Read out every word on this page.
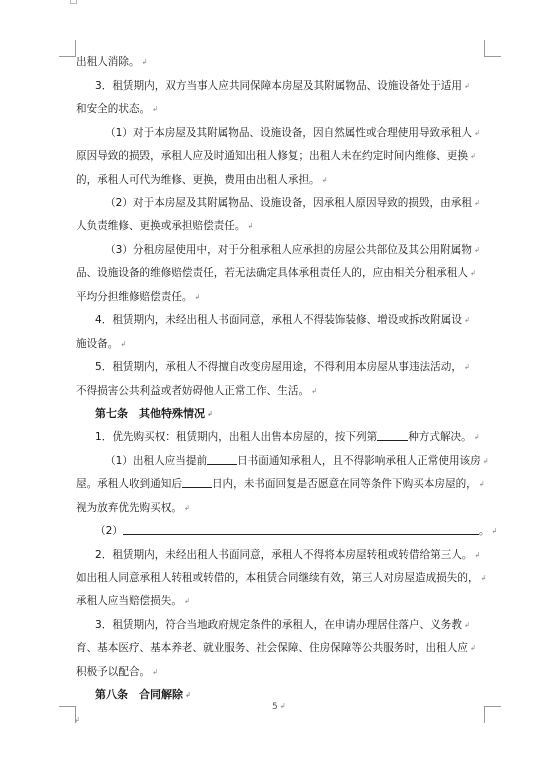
出租人消除。 ↲
3．租赁期内，双方当事人应共同保障本房屋及其附属物品、设施设备处于适用 ↲
和安全的状态。 ↲
（1）对于本房屋及其附属物品、设施设备，因自然属性或合理使用导致承租人 ↲
原因导致的损毁，承租人应及时通知出租人修复；出租人未在约定时间内维修、更换 ↲
的，承租人可代为维修、更换，费用由出租人承担。 ↲
（2）对于本房屋及其附属物品、设施设备，因承租人原因导致的损毁，由承租 ↲
人负责维修、更换或承担赔偿责任。 ↲
（3）分租房屋使用中，对于分租承租人应承担的房屋公共部位及其公用附属物 ↲
品、设施设备的维修赔偿责任，若无法确定具体承租责任人的，应由相关分租承租人 ↲
平均分担维修赔偿责任。 ↲
4．租赁期内，未经出租人书面同意，承租人不得装饰装修、增设或拆改附属设 ↲
施设备。 ↲
5．租赁期内，承租人不得擅自改变房屋用途，不得利用本房屋从事违法活动， ↲
不得损害公共利益或者妨碍他人正常工作、生活。 ↲
第七条　其他特殊情况 ↲
1．优先购买权：租赁期内，出租人出售本房屋的，按下列第	种方式解决。 ↲
（1）出租人应当提前	日书面通知承租人，且不得影响承租人正常使用该房 ↲
屋。承租人收到通知后	日内，未书面回复是否愿意在同等条件下购买本房屋的， ↲
视为放弃优先购买权。 ↲
（2）	。 ↲
2．租赁期内，未经出租人书面同意，承租人不得将本房屋转租或转借给第三人。 ↲
如出租人同意承租人转租或转借的，本租赁合同继续有效，第三人对房屋造成损失的， ↲
承租人应当赔偿损失。 ↲
3．租赁期内，符合当地政府规定条件的承租人，在申请办理居住落户、义务教 ↲
育、基本医疗、基本养老、就业服务、社会保障、住房保障等公共服务时，出租人应 ↲
积极予以配合。 ↲
第八条　合同解除 ↲
5 ↲
↲
